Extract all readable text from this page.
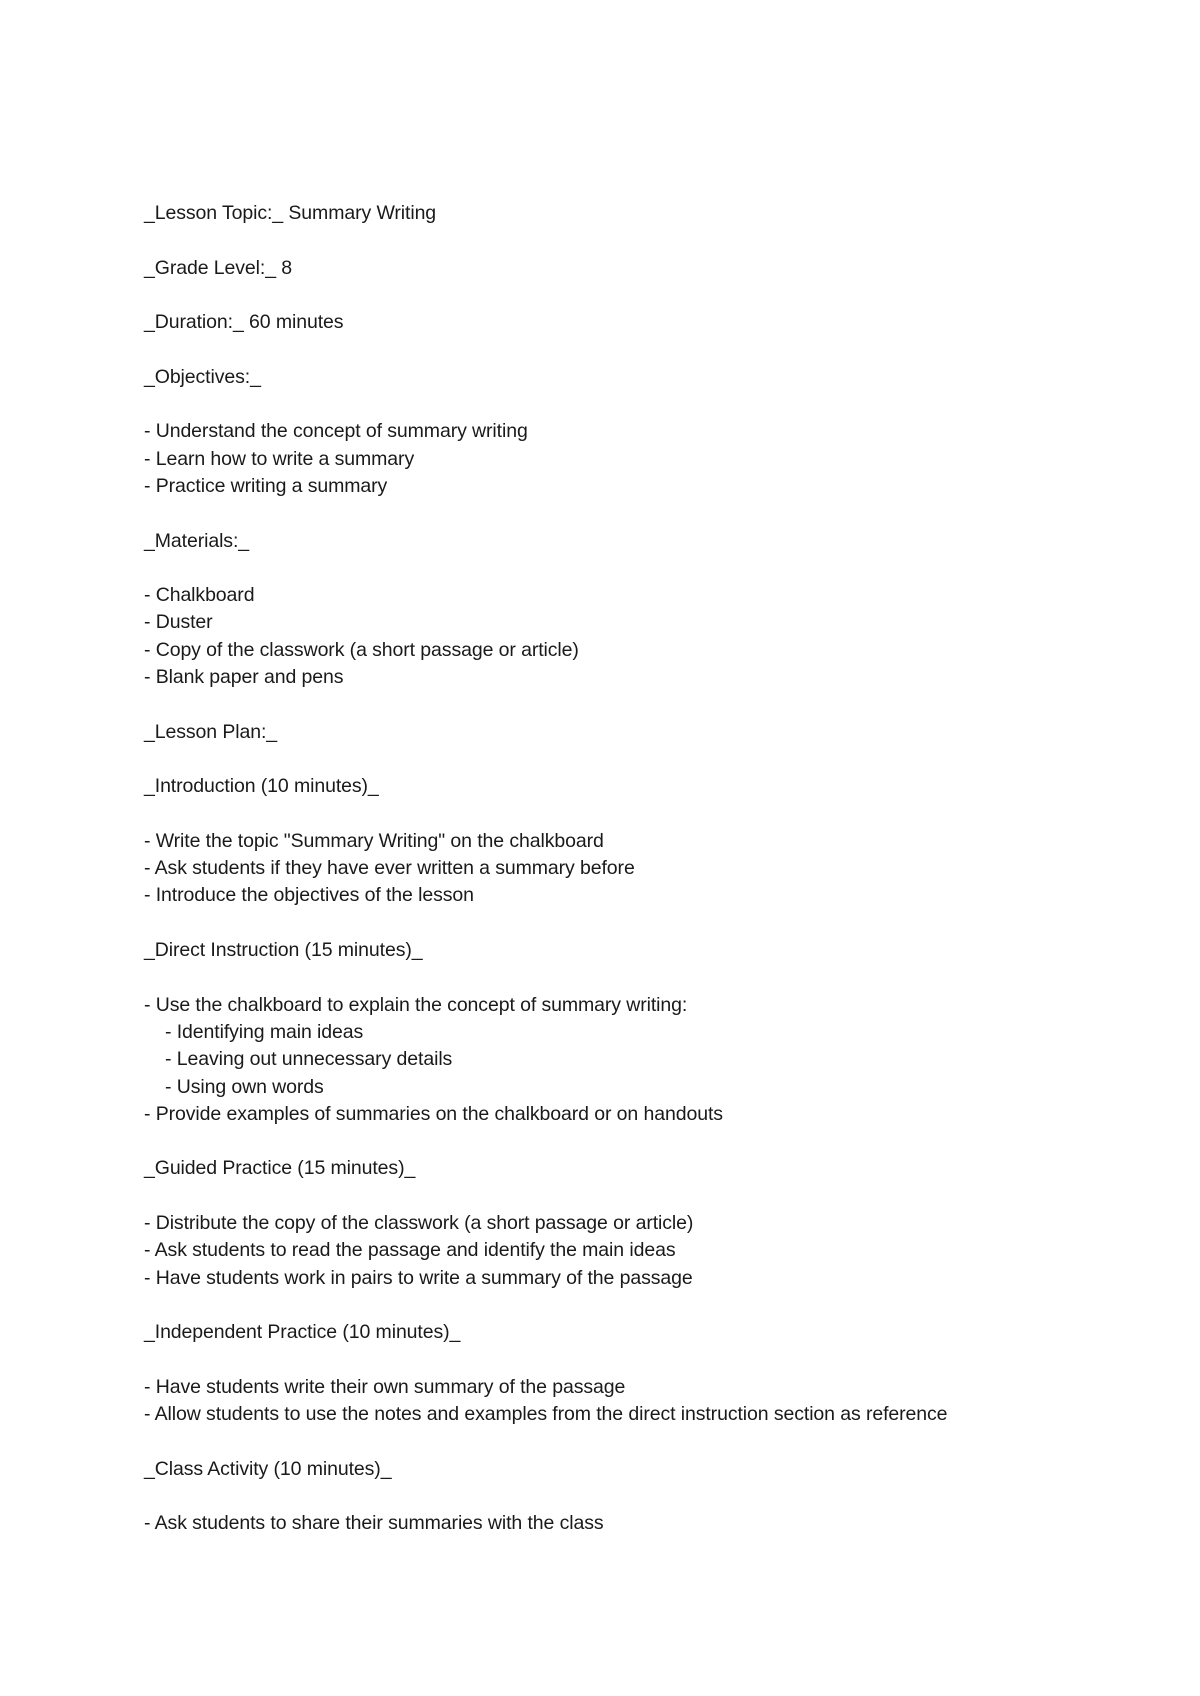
_Lesson Topic:_ Summary Writing
_Grade Level:_ 8
_Duration:_ 60 minutes
_Objectives:_
- Understand the concept of summary writing
- Learn how to write a summary
- Practice writing a summary
_Materials:_
- Chalkboard
- Duster
- Copy of the classwork (a short passage or article)
- Blank paper and pens
_Lesson Plan:_
_Introduction (10 minutes)_
- Write the topic "Summary Writing" on the chalkboard
- Ask students if they have ever written a summary before
- Introduce the objectives of the lesson
_Direct Instruction (15 minutes)_
- Use the chalkboard to explain the concept of summary writing:
- Identifying main ideas
- Leaving out unnecessary details
- Using own words
- Provide examples of summaries on the chalkboard or on handouts
_Guided Practice (15 minutes)_
- Distribute the copy of the classwork (a short passage or article)
- Ask students to read the passage and identify the main ideas
- Have students work in pairs to write a summary of the passage
_Independent Practice (10 minutes)_
- Have students write their own summary of the passage
- Allow students to use the notes and examples from the direct instruction section as reference
_Class Activity (10 minutes)_
- Ask students to share their summaries with the class
